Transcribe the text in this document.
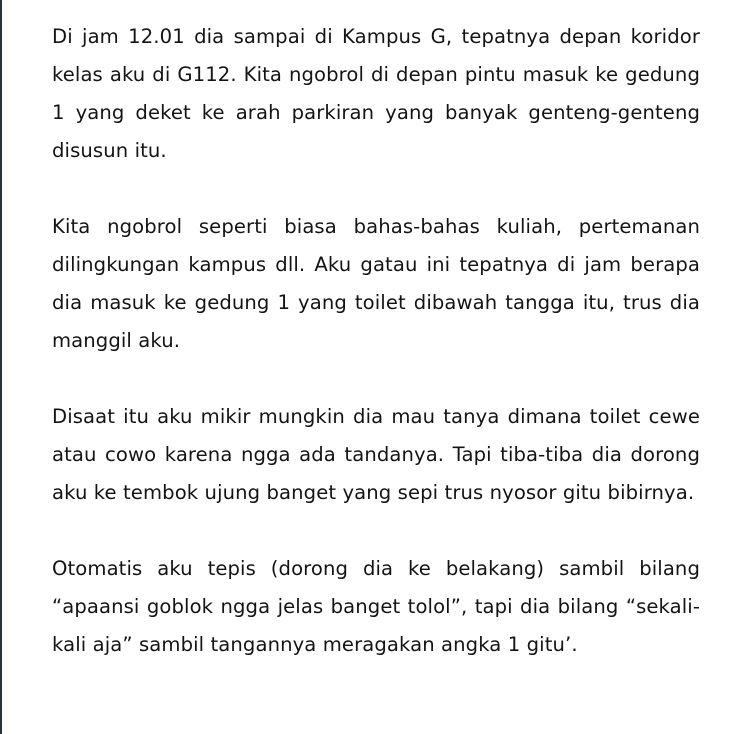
Di jam 12.01 dia sampai di Kampus G, tepatnya depan koridor kelas aku di G112. Kita ngobrol di depan pintu masuk ke gedung 1 yang deket ke arah parkiran yang banyak genteng-genteng disusun itu.

Kita ngobrol seperti biasa bahas-bahas kuliah, pertemanan dilingkungan kampus dll. Aku gatau ini tepatnya di jam berapa dia masuk ke gedung 1 yang toilet dibawah tangga itu, trus dia manggil aku.

Disaat itu aku mikir mungkin dia mau tanya dimana toilet cewe atau cowo karena ngga ada tandanya. Tapi tiba-tiba dia dorong aku ke tembok ujung banget yang sepi trus nyosor gitu bibirnya.

Otomatis aku tepis (dorong dia ke belakang) sambil bilang “apaansi goblok ngga jelas banget tolol”, tapi dia bilang “sekali-kali aja” sambil tangannya meragakan angka 1 gitu’.
